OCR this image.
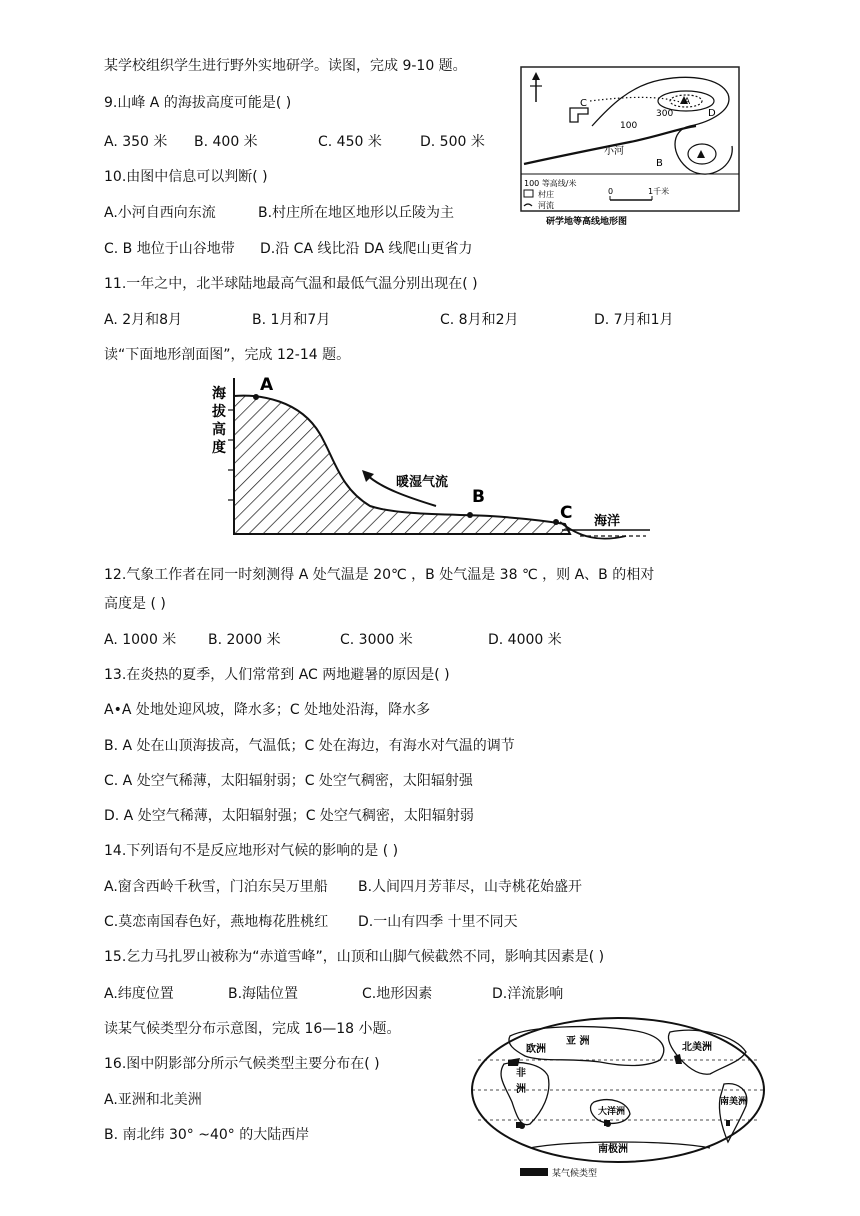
某学校组织学生进行野外实地研学。读图，完成 9-10 题。
9.山峰 A 的海拔高度可能是( )
A. 350 米 B. 400 米	C. 450 米	D. 500 米
10.由图中信息可以判断( )
A.小河自西向东流	B.村庄所在地区地形以丘陵为主
C. B 地位于山谷地带 D.沿 CA 线比沿 DA 线爬山更省力
11.一年之中，北半球陆地最高气温和最低气温分别出现在( )
A. 2月和8月	B. 1月和7月	C. 8月和2月	D. 7月和1月
读“下面地形剖面图”，完成 12-14 题。
C	A
D
300
100
B
小河
100 等高线/米
村庄
河流
0	1千米
研学地等高线地形图
海
拔
高
度
A
B
C
暖湿气流
海洋
12.气象工作者在同一时刻测得 A 处气温是 20℃ ，B 处气温是 38 ℃ ，则 A、B 的相对
高度是 ( )
A. 1000 米 B. 2000 米	C. 3000 米	D. 4000 米
13.在炎热的夏季，人们常常到 AC 两地避暑的原因是( )
A•A 处地处迎风坡，降水多；C 处地处沿海，降水多
B. A 处在山顶海拔高，气温低；C 处在海边，有海水对气温的调节
C. A 处空气稀薄，太阳辐射弱；C 处空气稠密，太阳辐射强
D. A 处空气稀薄，太阳辐射强；C 处空气稠密，太阳辐射弱
14.下列语句不是反应地形对气候的影响的是 ( )
A.窗含西岭千秋雪，门泊东吴万里船 B.人间四月芳菲尽，山寺桃花始盛开
C.莫恋南国春色好，燕地梅花胜桃红 D.一山有四季 十里不同天
15.乞力马扎罗山被称为“赤道雪峰”，山顶和山脚气候截然不同，影响其因素是( )
A.纬度位置	B.海陆位置	C.地形因素	D.洋流影响
读某气候类型分布示意图，完成 16—18 小题。
16.图中阴影部分所示气候类型主要分布在( )
A.亚洲和北美洲
B. 南北纬 30° ~40° 的大陆西岸
欧洲
亚 洲
北美洲
非
洲
南美洲
大洋洲
南极洲
某气候类型
